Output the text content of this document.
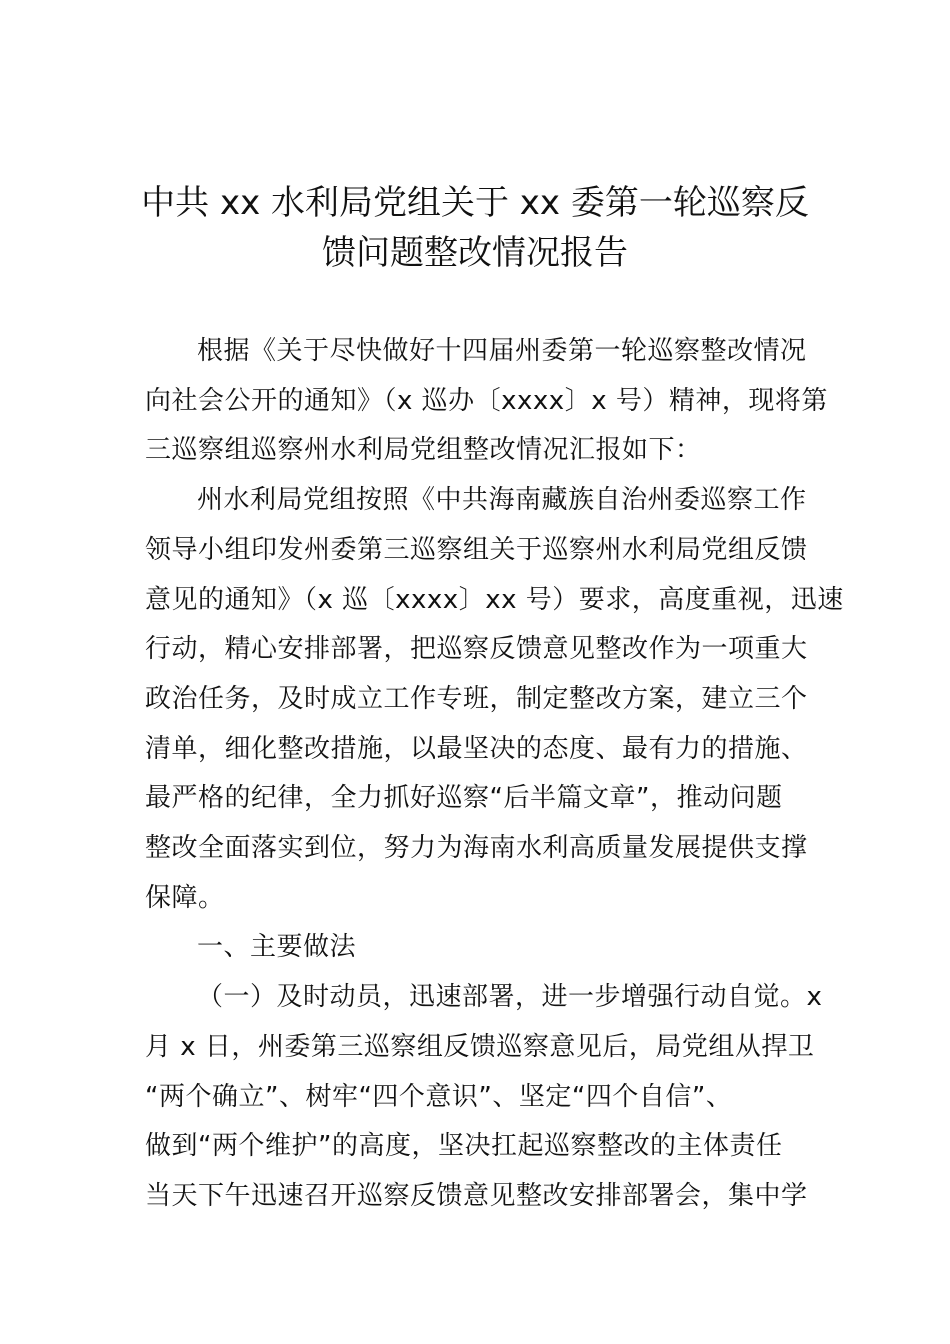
中共 xx 水利局党组关于 xx 委第一轮巡察反
馈问题整改情况报告

根据《关于尽快做好十四届州委第一轮巡察整改情况
向社会公开的通知》（x 巡办〔xxxx〕x 号）精神，现将第
三巡察组巡察州水利局党组整改情况汇报如下：

州水利局党组按照《中共海南藏族自治州委巡察工作
领导小组印发州委第三巡察组关于巡察州水利局党组反馈
意见的通知》（x 巡〔xxxx〕xx 号）要求，高度重视，迅速
行动，精心安排部署，把巡察反馈意见整改作为一项重大
政治任务，及时成立工作专班，制定整改方案，建立三个
清单，细化整改措施，以最坚决的态度、最有力的措施、
最严格的纪律，全力抓好巡察“后半篇文章”，推动问题
整改全面落实到位，努力为海南水利高质量发展提供支撑
保障。

一、主要做法

（一）及时动员，迅速部署，进一步增强行动自觉。x
月 x 日，州委第三巡察组反馈巡察意见后，局党组从捍卫
“两个确立”、树牢“四个意识”、坚定“四个自信”、
做到“两个维护”的高度，坚决扛起巡察整改的主体责任
当天下午迅速召开巡察反馈意见整改安排部署会，集中学
